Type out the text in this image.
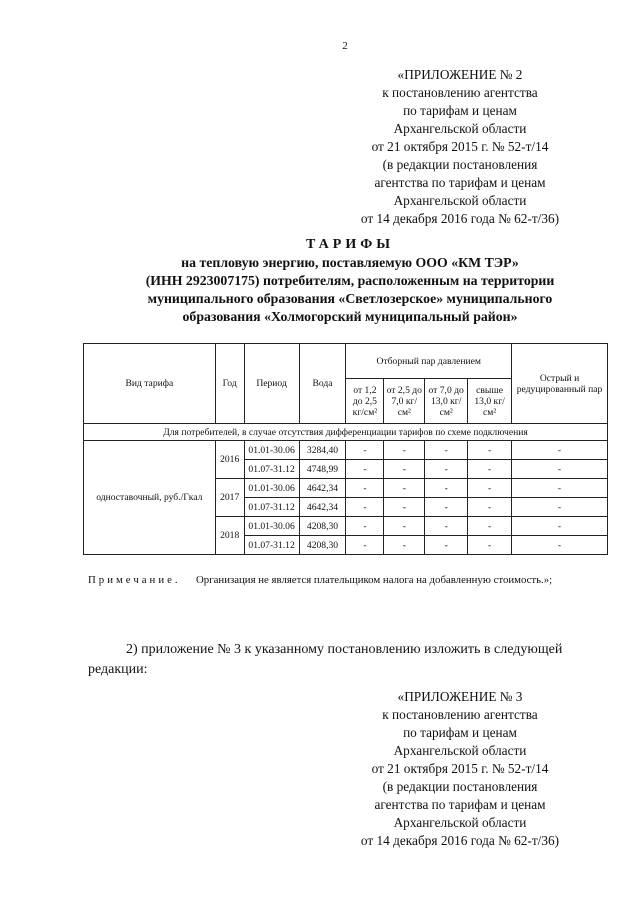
2
«ПРИЛОЖЕНИЕ № 2
к постановлению агентства
по тарифам и ценам
Архангельской области
от 21 октября 2015 г. № 52-т/14
(в редакции постановления
агентства по тарифам и ценам
Архангельской области
от 14 декабря 2016 года № 62-т/36)
ТАРИФЫ
на тепловую энергию, поставляемую ООО «КМ ТЭР»
(ИНН 2923007175) потребителям, расположенным на территории
муниципального образования «Светлозерское» муниципального
образования «Холмогорский муниципальный район»
Вид тарифа	Год	Период	Вода	Отборный пар давлением				Острый и редуцированный пар
				от 1,2 до 2,5 кг/см²	от 2,5 до 7,0 кг/см²	от 7,0 до 13,0 кг/см²	свыше 13,0 кг/см²	
Для потребителей, в случае отсутствия дифференциации тарифов по схеме подключения								
одноставочный, руб./Гкал	2016	01.01-30.06	3284,40	-	-	-	-	-
		01.07-31.12	4748,99	-	-	-	-	-
	2017	01.01-30.06	4642,34	-	-	-	-	-
		01.07-31.12	4642,34	-	-	-	-	-
	2018	01.01-30.06	4208,30	-	-	-	-	-
		01.07-31.12	4208,30	-	-	-	-	-
Примечание. Организация не является плательщиком налога на добавленную стоимость.»;
2) приложение № 3 к указанному постановлению изложить в следующей редакции:
«ПРИЛОЖЕНИЕ № 3
к постановлению агентства
по тарифам и ценам
Архангельской области
от 21 октября 2015 г. № 52-т/14
(в редакции постановления
агентства по тарифам и ценам
Архангельской области
от 14 декабря 2016 года № 62-т/36)
